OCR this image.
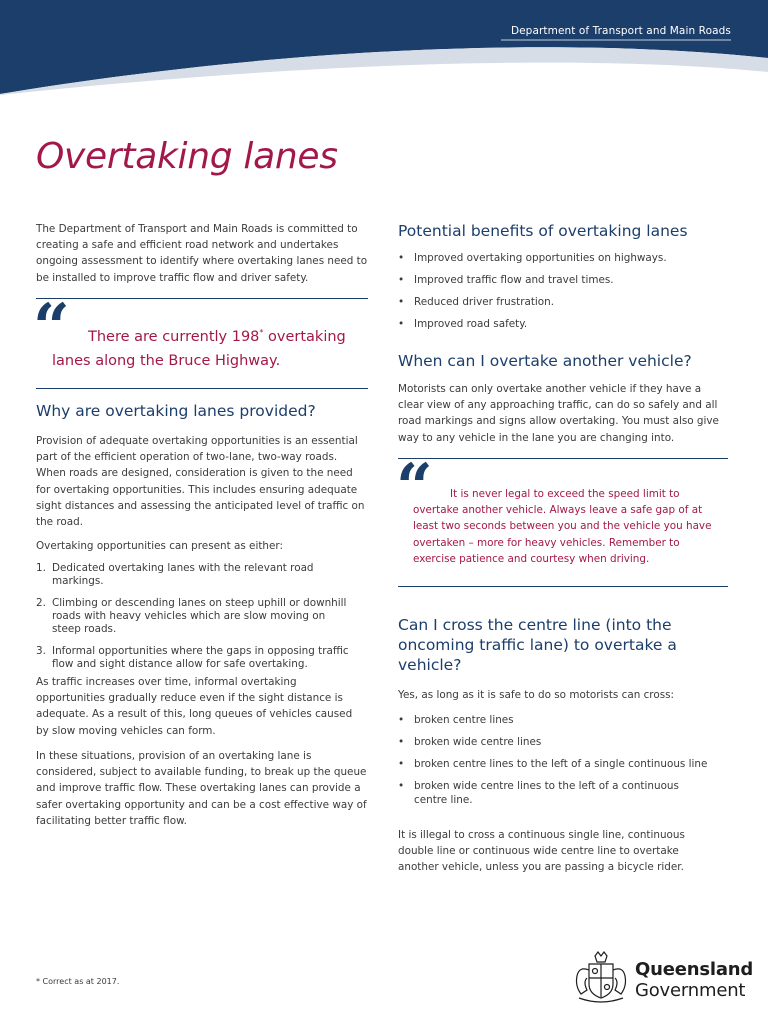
Department of Transport and Main Roads
Overtaking lanes

The Department of Transport and Main Roads is committed to creating a safe and efficient road network and undertakes ongoing assessment to identify where overtaking lanes need to be installed to improve traffic flow and driver safety.

“	There are currently 198* overtaking lanes along the Bruce Highway.
Why are overtaking lanes provided?

Provision of adequate overtaking opportunities is an essential part of the efficient operation of two-lane, two-way roads. When roads are designed, consideration is given to the need for overtaking opportunities. This includes ensuring adequate sight distances and assessing the anticipated level of traffic on the road.

Overtaking opportunities can present as either:

1. Dedicated overtaking lanes with the relevant road markings.
2. Climbing or descending lanes on steep uphill or downhill roads with heavy vehicles which are slow moving on steep roads.
3. Informal opportunities where the gaps in opposing traffic flow and sight distance allow for safe overtaking.

As traffic increases over time, informal overtaking opportunities gradually reduce even if the sight distance is adequate. As a result of this, long queues of vehicles caused by slow moving vehicles can form.

In these situations, provision of an overtaking lane is considered, subject to available funding, to break up the queue and improve traffic flow. These overtaking lanes can provide a safer overtaking opportunity and can be a cost effective way of facilitating better traffic flow.

Potential benefits of overtaking lanes
• Improved overtaking opportunities on highways.
• Improved traffic flow and travel times.
• Reduced driver frustration.
• Improved road safety.
When can I overtake another vehicle?

Motorists can only overtake another vehicle if they have a clear view of any approaching traffic, can do so safely and all road markings and signs allow overtaking. You must also give way to any vehicle in the lane you are changing into.

“	It is never legal to exceed the speed limit to overtake another vehicle. Always leave a safe gap of at least two seconds between you and the vehicle you have overtaken – more for heavy vehicles. Remember to exercise patience and courtesy when driving.

Can I cross the centre line (into the oncoming traffic lane) to overtake a vehicle?

Yes, as long as it is safe to do so motorists can cross:

• broken centre lines
• broken wide centre lines
• broken centre lines to the left of a single continuous line
• broken wide centre lines to the left of a continuous centre line.

It is illegal to cross a continuous single line, continuous double line or continuous wide centre line to overtake another vehicle, unless you are passing a bicycle rider.

* Correct as at 2017.
Queensland
Government
